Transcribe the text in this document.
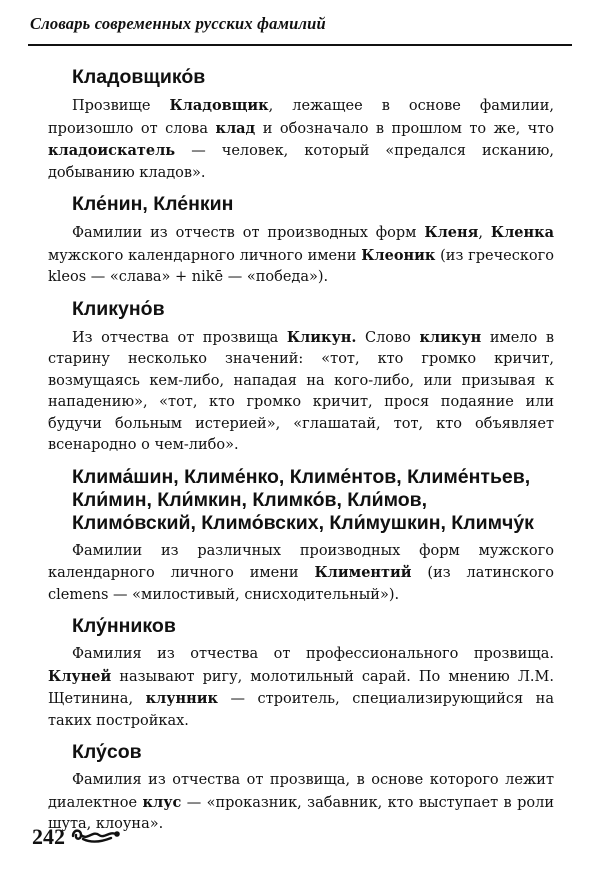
Словарь современных русских фамилий
Кладовщико́в

Прозвище Кладовщик, лежащее в основе фамилии, произошло от слова клад и обозначало в прошлом то же, что кладоискатель — человек, который «предался исканию, добыванию кладов».

Кле́нин, Кле́нкин

Фамилии из отчеств от производных форм Кленя, Кленка мужского календарного личного имени Клеоник (из греческого kleos — «слава» + nikē — «победа»).

Кликуно́в

Из отчества от прозвища Кликун. Слово кликун имело в старину несколько значений: «тот, кто громко кричит, возмущаясь кем-либо, нападая на кого-либо, или призывая к нападению», «тот, кто громко кричит, прося подаяние или будучи больным истерией», «глашатай, тот, кто объявляет всенародно о чем-либо».

Клима́шин, Климе́нко, Климе́нтов, Климе́нтьев, Кли́мин, Кли́мкин, Климко́в, Кли́мов, Климо́вский, Климо́вских, Кли́мушкин, Климчу́к

Фамилии из различных производных форм мужского календарного личного имени Климентий (из латинского clemens — «милостивый, снисходительный»).

Клу́нников

Фамилия из отчества от профессионального прозвища. Клуней называют ригу, молотильный сарай. По мнению Л.М. Щетинина, клунник — строитель, специализирующийся на таких постройках.

Клу́сов

Фамилия из отчества от прозвища, в основе которого лежит диалектное клус — «проказник, забавник, кто выступает в роли шута, клоуна».

242
